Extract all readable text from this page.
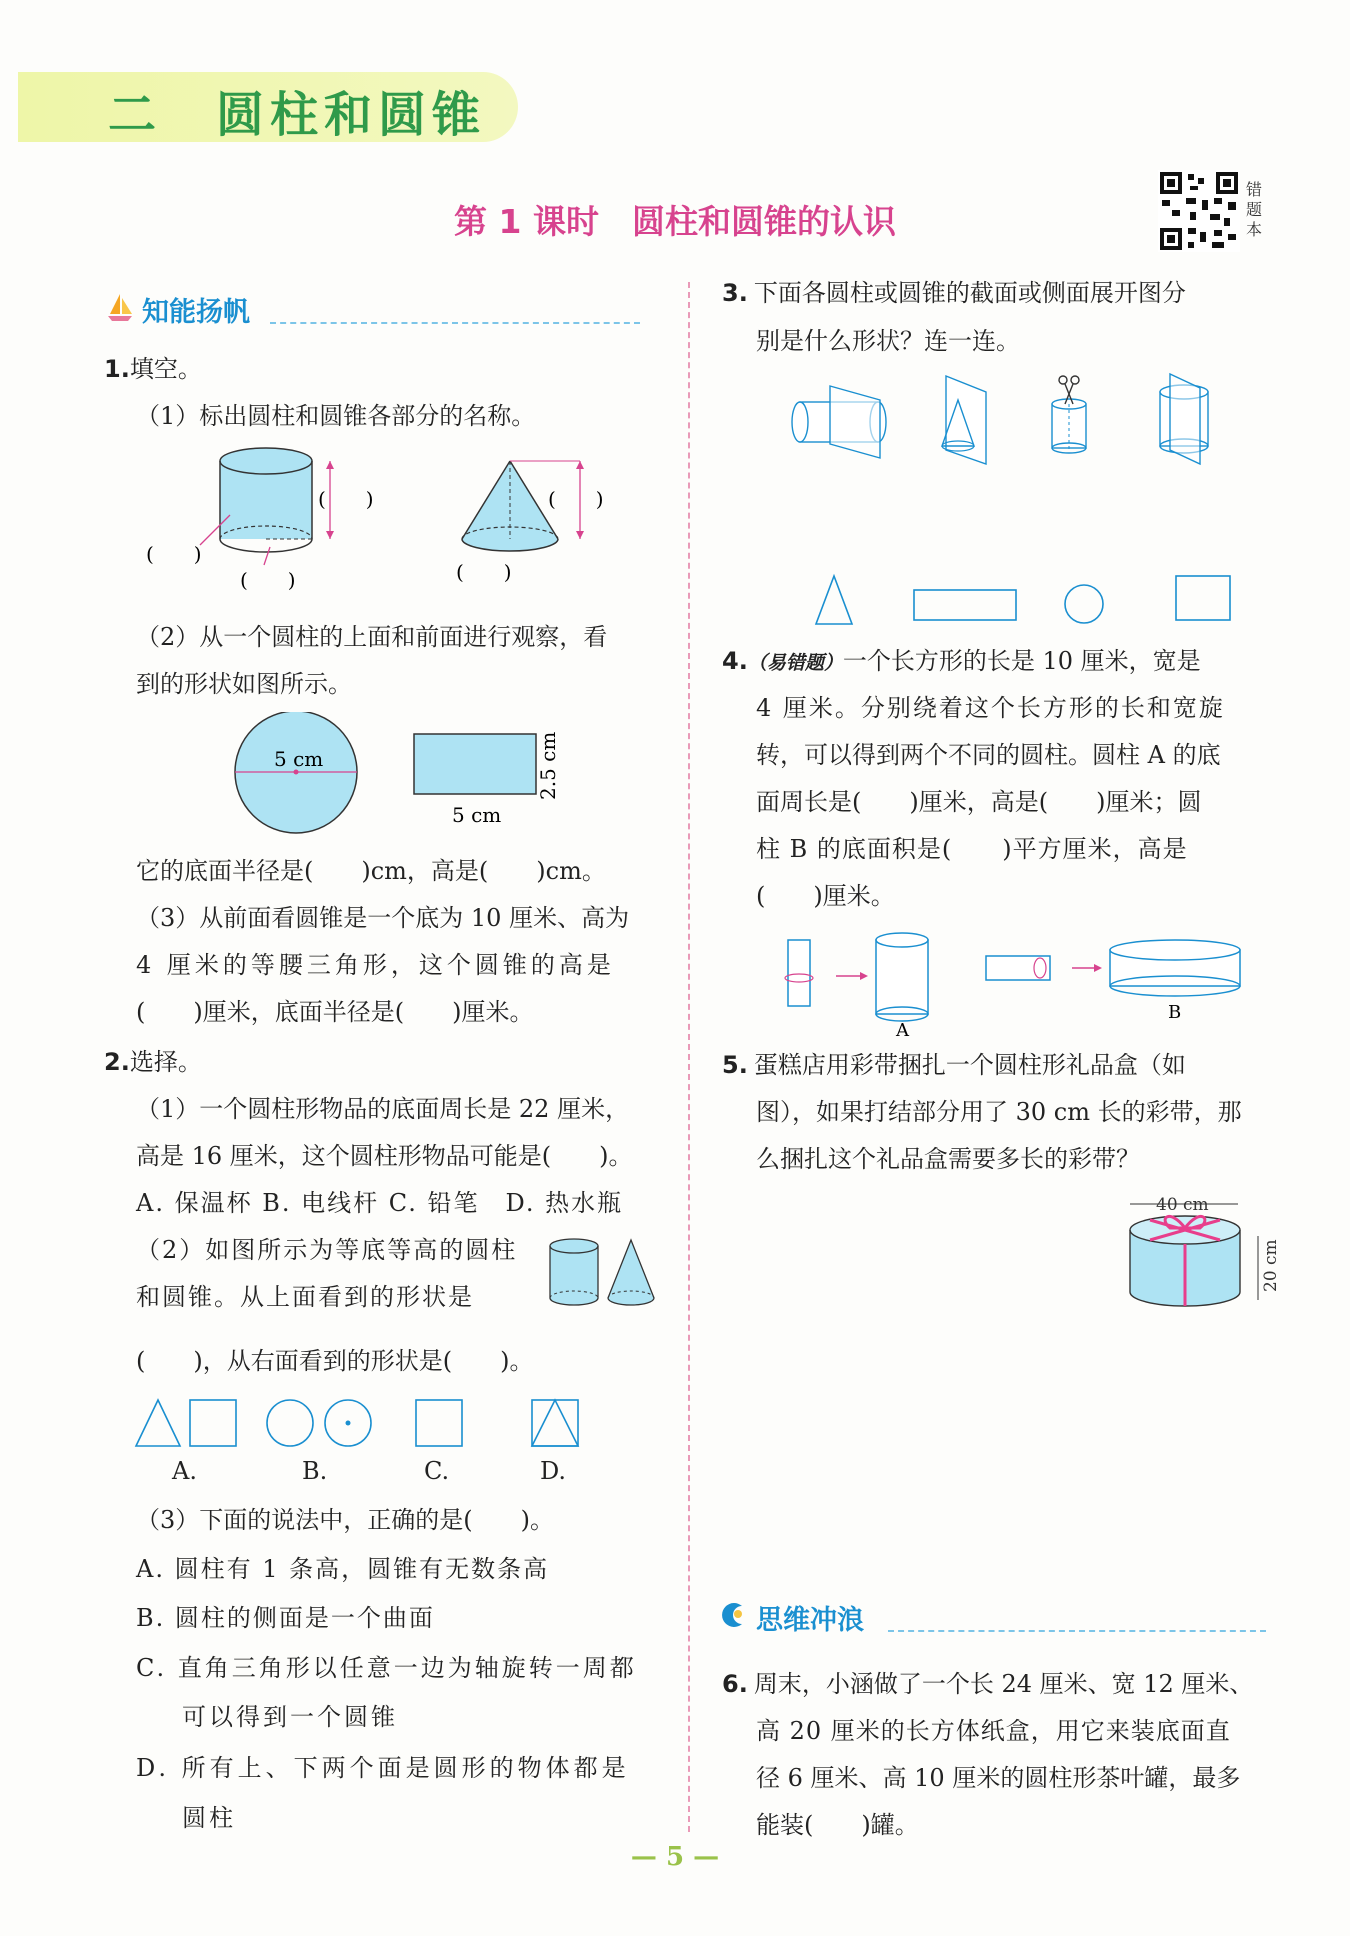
二　圆柱和圆锥
第 1 课时　圆柱和圆锥的认识
错题本
知能扬帆
1.填空。
（1）标出圆柱和圆锥各部分的名称。
(　　)
(　　)
(　　)
(　　)
(　　)
（2）从一个圆柱的上面和前面进行观察，看
到的形状如图所示。
5 cm
5 cm
2.5 cm
它的底面半径是(　　)cm，高是(　　)cm。
（3）从前面看圆锥是一个底为 10 厘米、高为
4 厘米的等腰三角形，这个圆锥的高是
(　　)厘米，底面半径是(　　)厘米。
2.选择。
（1）一个圆柱形物品的底面周长是 22 厘米，
高是 16 厘米，这个圆柱形物品可能是(　　)。
A. 保温杯 B. 电线杆 C. 铅笔　D. 热水瓶
（2）如图所示为等底等高的圆柱
和圆锥。从上面看到的形状是
(　　)，从右面看到的形状是(　　)。
A.	B.	C.	D.
（3）下面的说法中，正确的是(　　)。
A. 圆柱有 1 条高，圆锥有无数条高
B. 圆柱的侧面是一个曲面
C. 直角三角形以任意一边为轴旋转一周都
可以得到一个圆锥
D. 所有上、下两个面是圆形的物体都是
圆柱
3. 下面各圆柱或圆锥的截面或侧面展开图分
别是什么形状？连一连。
4.（易错题）一个长方形的长是 10 厘米，宽是
4 厘米。分别绕着这个长方形的长和宽旋
转，可以得到两个不同的圆柱。圆柱 A 的底
面周长是(　　)厘米，高是(　　)厘米；圆
柱 B 的底面积是(　　)平方厘米，高是
(　　)厘米。
A
B
5. 蛋糕店用彩带捆扎一个圆柱形礼品盒（如
图），如果打结部分用了 30 cm 长的彩带，那
么捆扎这个礼品盒需要多长的彩带？
40 cm
20 cm
思维冲浪
6. 周末，小涵做了一个长 24 厘米、宽 12 厘米、
高 20 厘米的长方体纸盒，用它来装底面直
径 6 厘米、高 10 厘米的圆柱形茶叶罐，最多
能装(　　)罐。
— 5 —
